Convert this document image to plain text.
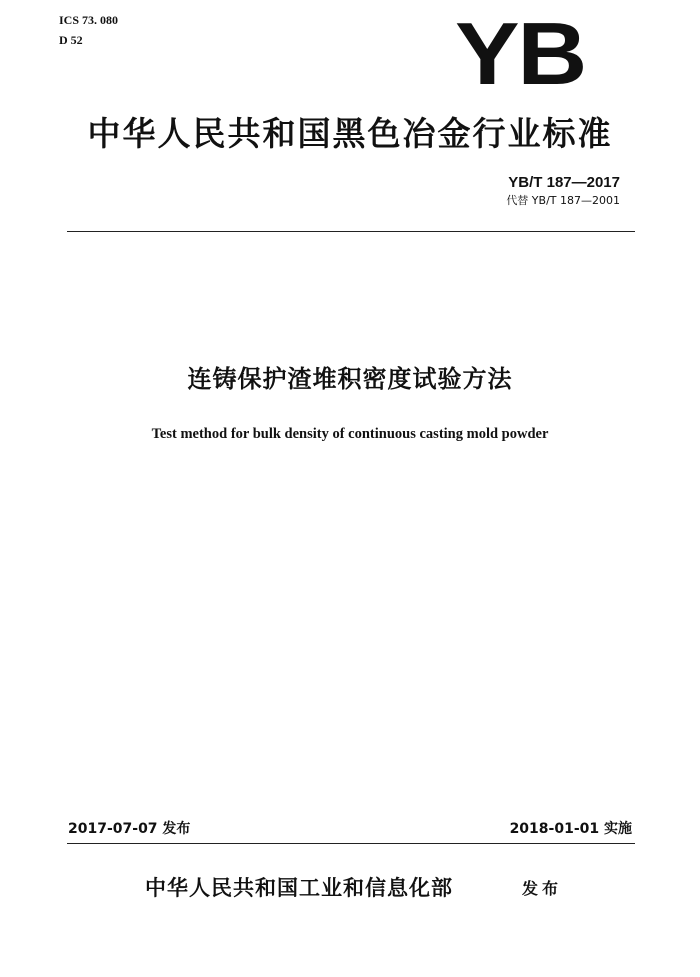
ICS 73. 080
D 52	YB
中华人民共和国黑色冶金行业标准
YB/T 187—2017
代替 YB/T 187—2001
连铸保护渣堆积密度试验方法
Test method for bulk density of continuous casting mold powder
2017-07-07 发布	2018-01-01 实施
中华人民共和国工业和信息化部	发布
